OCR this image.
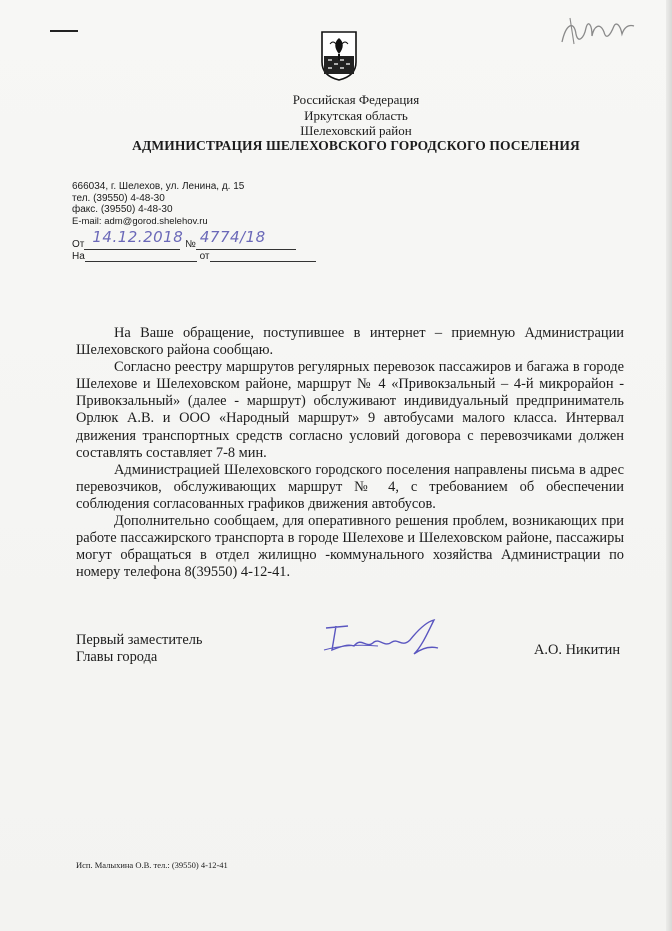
Российская Федерация
Иркутская область
Шелеховский район
АДМИНИСТРАЦИЯ ШЕЛЕХОВСКОГО ГОРОДСКОГО ПОСЕЛЕНИЯ
666034, г. Шелехов, ул. Ленина, д. 15
тел. (39550) 4-48-30
факс. (39550) 4-48-30
E-mail: adm@gorod.shelehov.ru
От 14.12.2018 № 4774/18
На	от

На Ваше обращение, поступившее в интернет – приемную Администрации Шелеховского района сообщаю.

Согласно реестру маршрутов регулярных перевозок пассажиров и багажа в городе Шелехове и Шелеховском районе, маршрут № 4 «Привокзальный – 4-й микрорайон - Привокзальный» (далее - маршрут) обслуживают индивидуальный предприниматель Орлюк А.В. и ООО «Народный маршрут» 9 автобусами малого класса. Интервал движения транспортных средств согласно условий договора с перевозчиками должен составлять составляет 7-8 мин.

Администрацией Шелеховского городского поселения направлены письма в адрес перевозчиков, обслуживающих маршрут № 4, с требованием об обеспечении соблюдения согласованных графиков движения автобусов.

Дополнительно сообщаем, для оперативного решения проблем, возникающих при работе пассажирского транспорта в городе Шелехове и Шелеховском районе, пассажиры могут обращаться в отдел жилищно -коммунального хозяйства Администрации по номеру телефона 8(39550) 4-12-41.

Первый заместитель
Главы города	А.О. Никитин
Исп. Малыхина О.В. тел.: (39550) 4-12-41
